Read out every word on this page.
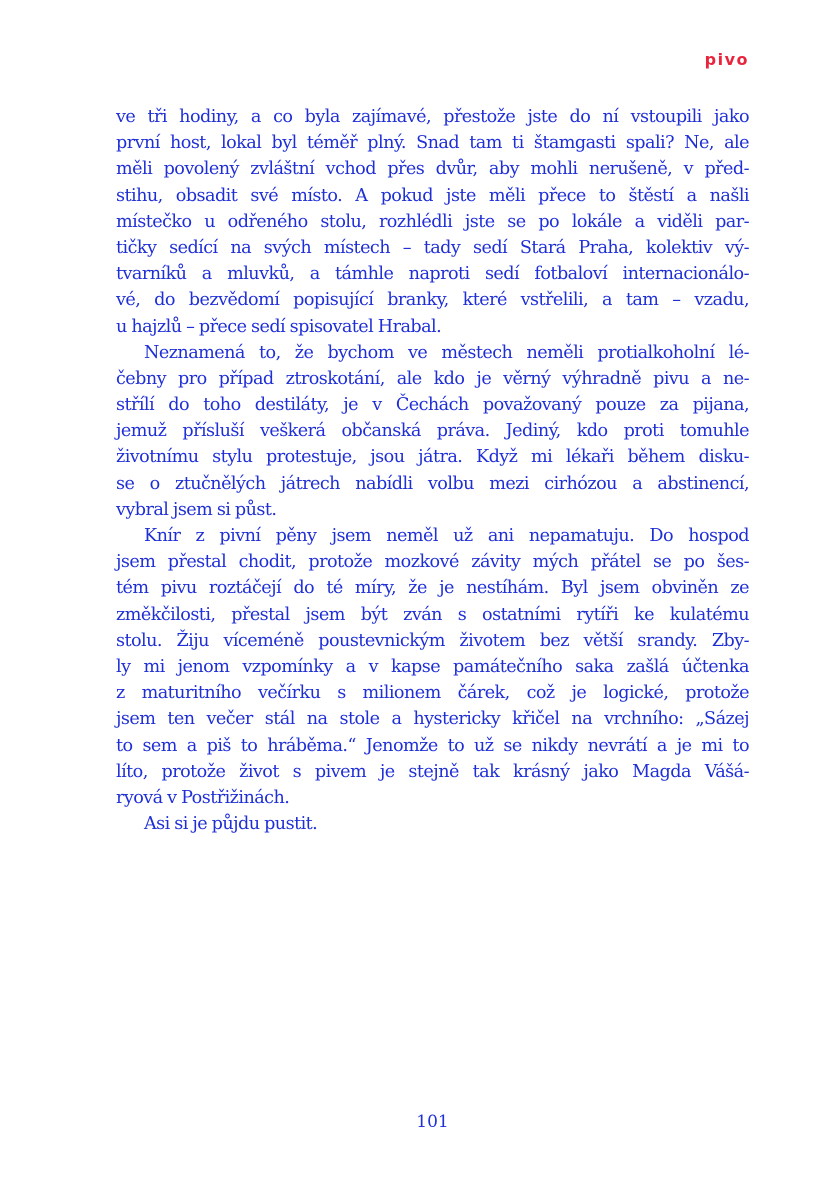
pivo
ve tři hodiny, a co byla zajímavé, přestože jste do ní vstoupili jako
první host, lokal byl téměř plný. Snad tam ti štamgasti spali? Ne, ale
měli povolený zvláštní vchod přes dvůr, aby mohli nerušeně, v před-
stihu, obsadit své místo. A pokud jste měli přece to štěstí a našli
místečko u odřeného stolu, rozhlédli jste se po lokále a viděli par-
tičky sedící na svých místech – tady sedí Stará Praha, kolektiv vý-
tvarníků a mluvků, a támhle naproti sedí fotbaloví internacionálo-
vé, do bezvědomí popisující branky, které vstřelili, a tam – vzadu,
u hajzlů – přece sedí spisovatel Hrabal.
Neznamená to, že bychom ve městech neměli protialkoholní lé-
čebny pro případ ztroskotání, ale kdo je věrný výhradně pivu a ne-
střílí do toho destiláty, je v Čechách považovaný pouze za pijana,
jemuž přísluší veškerá občanská práva. Jediný, kdo proti tomuhle
životnímu stylu protestuje, jsou játra. Když mi lékaři během disku-
se o ztučnělých játrech nabídli volbu mezi cirhózou a abstinencí,
vybral jsem si půst.
Knír z pivní pěny jsem neměl už ani nepamatuju. Do hospod
jsem přestal chodit, protože mozkové závity mých přátel se po šes-
tém pivu roztáčejí do té míry, že je nestíhám. Byl jsem obviněn ze
změkčilosti, přestal jsem být zván s ostatními rytíři ke kulatému
stolu. Žiju víceméně poustevnickým životem bez větší srandy. Zby-
ly mi jenom vzpomínky a v kapse památečního saka zašlá účtenka
z maturitního večírku s milionem čárek, což je logické, protože
jsem ten večer stál na stole a hystericky křičel na vrchního: „Sázej
to sem a piš to hráběma.“ Jenomže to už se nikdy nevrátí a je mi to
líto, protože život s pivem je stejně tak krásný jako Magda Vášá-
ryová v Postřižinách.
Asi si je půjdu pustit.
101
